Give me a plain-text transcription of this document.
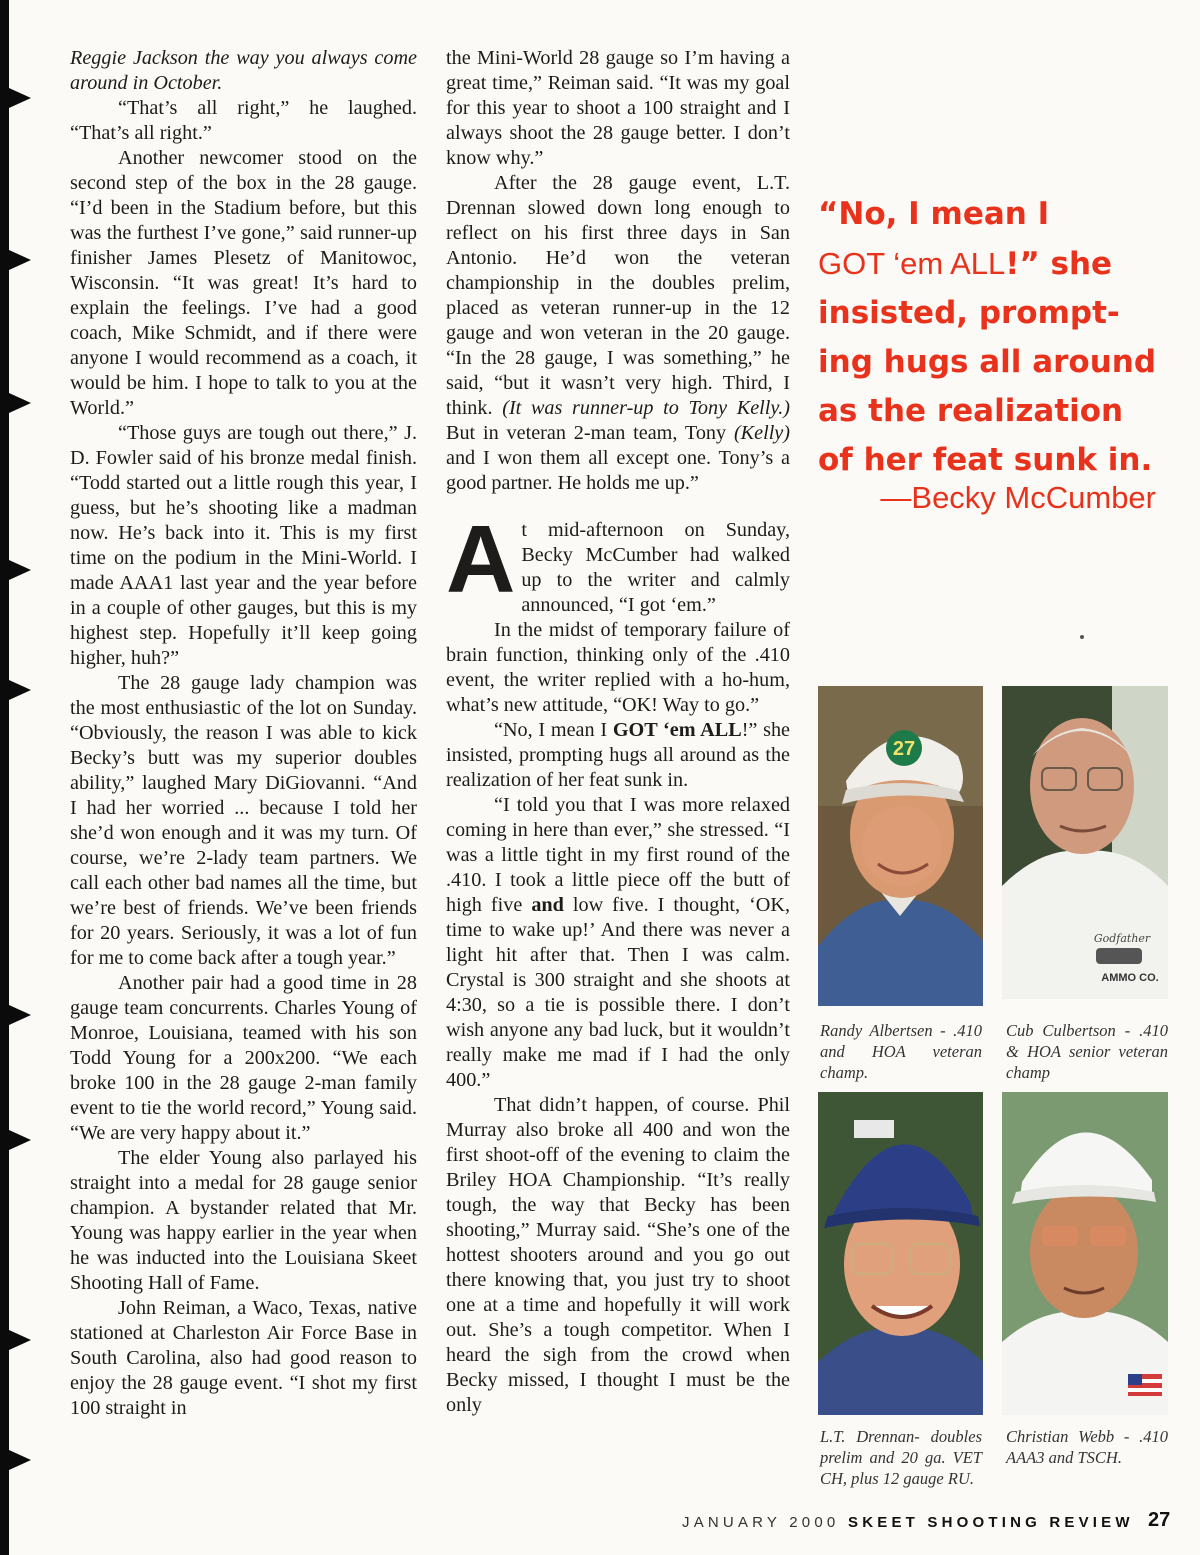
Reggie Jackson the way you always come around in October.

“That’s all right,” he laughed. “That’s all right.”

Another newcomer stood on the second step of the box in the 28 gauge. “I’d been in the Stadium before, but this was the furthest I’ve gone,” said runner-up finisher James Plesetz of Manitowoc, Wisconsin. “It was great! It’s hard to explain the feelings. I’ve had a good coach, Mike Schmidt, and if there were anyone I would recommend as a coach, it would be him. I hope to talk to you at the World.”

“Those guys are tough out there,” J. D. Fowler said of his bronze medal finish. “Todd started out a little rough this year, I guess, but he’s shooting like a madman now. He’s back into it. This is my first time on the podium in the Mini-World. I made AAA1 last year and the year before in a couple of other gauges, but this is my highest step. Hopefully it’ll keep going higher, huh?”

The 28 gauge lady champion was the most enthusiastic of the lot on Sunday. “Obviously, the reason I was able to kick Becky’s butt was my superior doubles ability,” laughed Mary DiGiovanni. “And I had her worried ... because I told her she’d won enough and it was my turn. Of course, we’re 2-lady team partners. We call each other bad names all the time, but we’re best of friends. We’ve been friends for 20 years. Seriously, it was a lot of fun for me to come back after a tough year.”

Another pair had a good time in 28 gauge team concurrents. Charles Young of Monroe, Louisiana, teamed with his son Todd Young for a 200x200. “We each broke 100 in the 28 gauge 2-man family event to tie the world record,” Young said. “We are very happy about it.”

The elder Young also parlayed his straight into a medal for 28 gauge senior champion. A bystander related that Mr. Young was happy earlier in the year when he was inducted into the Louisiana Skeet Shooting Hall of Fame.

John Reiman, a Waco, Texas, native stationed at Charleston Air Force Base in South Carolina, also had good reason to enjoy the 28 gauge event. “I shot my first 100 straight in

the Mini-World 28 gauge so I’m having a great time,” Reiman said. “It was my goal for this year to shoot a 100 straight and I always shoot the 28 gauge better. I don’t know why.”

After the 28 gauge event, L.T. Drennan slowed down long enough to reflect on his first three days in San Antonio. He’d won the veteran championship in the doubles prelim, placed as veteran runner-up in the 12 gauge and won veteran in the 20 gauge. “In the 28 gauge, I was something,” he said, “but it wasn’t very high. Third, I think. (It was runner-up to Tony Kelly.) But in veteran 2-man team, Tony (Kelly) and I won them all except one. Tony’s a good partner. He holds me up.”

At mid-afternoon on Sunday, Becky McCumber had walked up to the writer and calmly announced, “I got ‘em.”

In the midst of temporary failure of brain function, thinking only of the .410 event, the writer replied with a ho-hum, what’s new attitude, “OK! Way to go.”

“No, I mean I GOT ‘em ALL!” she insisted, prompting hugs all around as the realization of her feat sunk in.

“I told you that I was more relaxed coming in here than ever,” she stressed. “I was a little tight in my first round of the .410. I took a little piece off the butt of high five and low five. I thought, ‘OK, time to wake up!’ And there was never a light hit after that. Then I was calm. Crystal is 300 straight and she shoots at 4:30, so a tie is possible there. I don’t wish anyone any bad luck, but it wouldn’t really make me mad if I had the only 400.”

That didn’t happen, of course. Phil Murray also broke all 400 and won the first shoot-off of the evening to claim the Briley HOA Championship. “It’s really tough, the way that Becky has been shooting,” Murray said. “She’s one of the hottest shooters around and you go out there knowing that, you just try to shoot one at a time and hopefully it will work out. She’s a tough competitor. When I heard the sigh from the crowd when Becky missed, I thought I must be the only

“No, I mean I
GOT ‘em ALL!” she
insisted, prompt-
ing hugs all around
as the realization
of her feat sunk in.
—Becky McCumber
27
Randy Albertsen - .410 and HOA veteran champ.
Godfather
AMMO CO.
Cub Culbertson - .410 & HOA senior veteran champ
L.T. Drennan- doubles prelim and 20 ga. VET CH, plus 12 gauge RU.
Christian Webb - .410 AAA3 and TSCH.
JANUARY 2000 SKEET SHOOTING REVIEW 27
